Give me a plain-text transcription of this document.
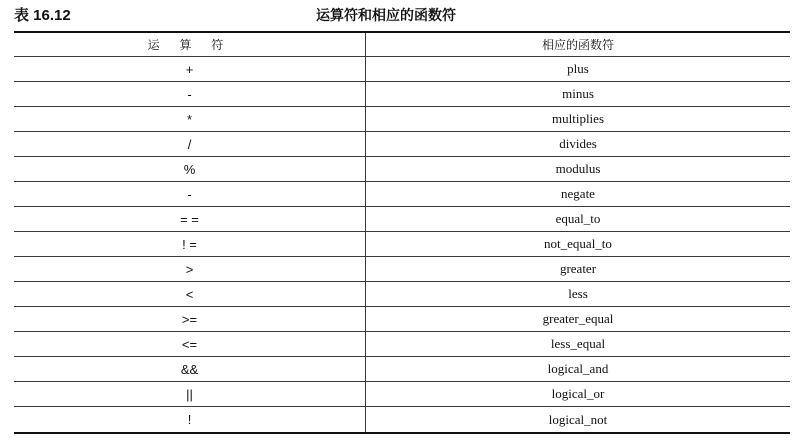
表 16.12	运算符和相应的函数符
运 算 符	相应的函数符
+	plus
-	minus
*	multiplies
/	divides
%	modulus
-	negate
= =	equal_to
! =	not_equal_to
>	greater
<	less
>=	greater_equal
<=	less_equal
&&	logical_and
||	logical_or
!	logical_not
